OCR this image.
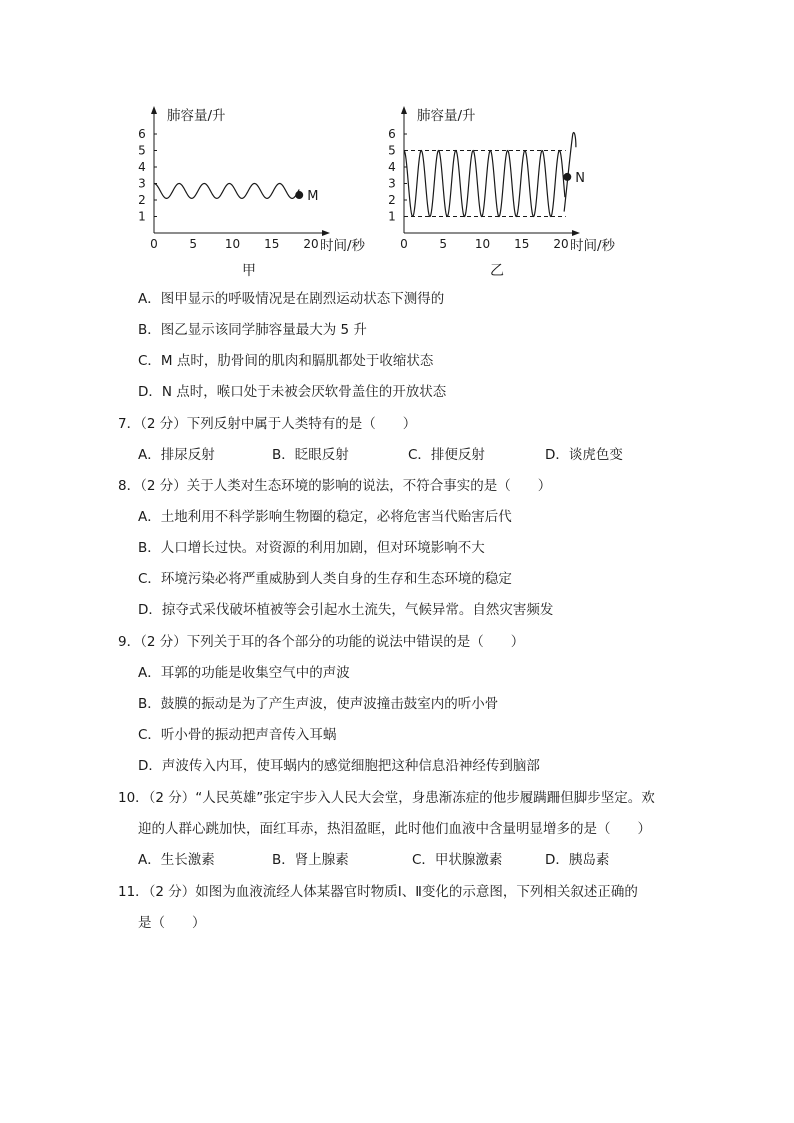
肺容量/升
1
2
3
4
5
6
0	5 10 15 20 时间/秒
M
甲
肺容量/升
1
2
3
4
5
6
0	5 10 15 20 时间/秒
N
乙
A．图甲显示的呼吸情况是在剧烈运动状态下测得的
B．图乙显示该同学肺容量最大为 5 升
C．M 点时，肋骨间的肌肉和膈肌都处于收缩状态
D．N 点时，喉口处于未被会厌软骨盖住的开放状态
7．（2 分）下列反射中属于人类特有的是（　　）
A．排尿反射	B．眨眼反射	C．排便反射	D．谈虎色变
8．（2 分）关于人类对生态环境的影响的说法，不符合事实的是（　　）
A．土地利用不科学影响生物圈的稳定，必将危害当代贻害后代
B．人口增长过快。对资源的利用加剧，但对环境影响不大
C．环境污染必将严重威胁到人类自身的生存和生态环境的稳定
D．掠夺式采伐破坏植被等会引起水土流失，气候异常。自然灾害频发
9．（2 分）下列关于耳的各个部分的功能的说法中错误的是（　　）
A．耳郭的功能是收集空气中的声波
B．鼓膜的振动是为了产生声波，使声波撞击鼓室内的听小骨
C．听小骨的振动把声音传入耳蜗
D．声波传入内耳，使耳蜗内的感觉细胞把这种信息沿神经传到脑部
10．（2 分）“人民英雄”张定宇步入人民大会堂，身患渐冻症的他步履蹒跚但脚步坚定。欢
迎的人群心跳加快，面红耳赤，热泪盈眶，此时他们血液中含量明显增多的是（　　）
A．生长激素	B．肾上腺素	C．甲状腺激素	D．胰岛素
11．（2 分）如图为血液流经人体某器官时物质Ⅰ、Ⅱ变化的示意图，下列相关叙述正确的
是（　　）
